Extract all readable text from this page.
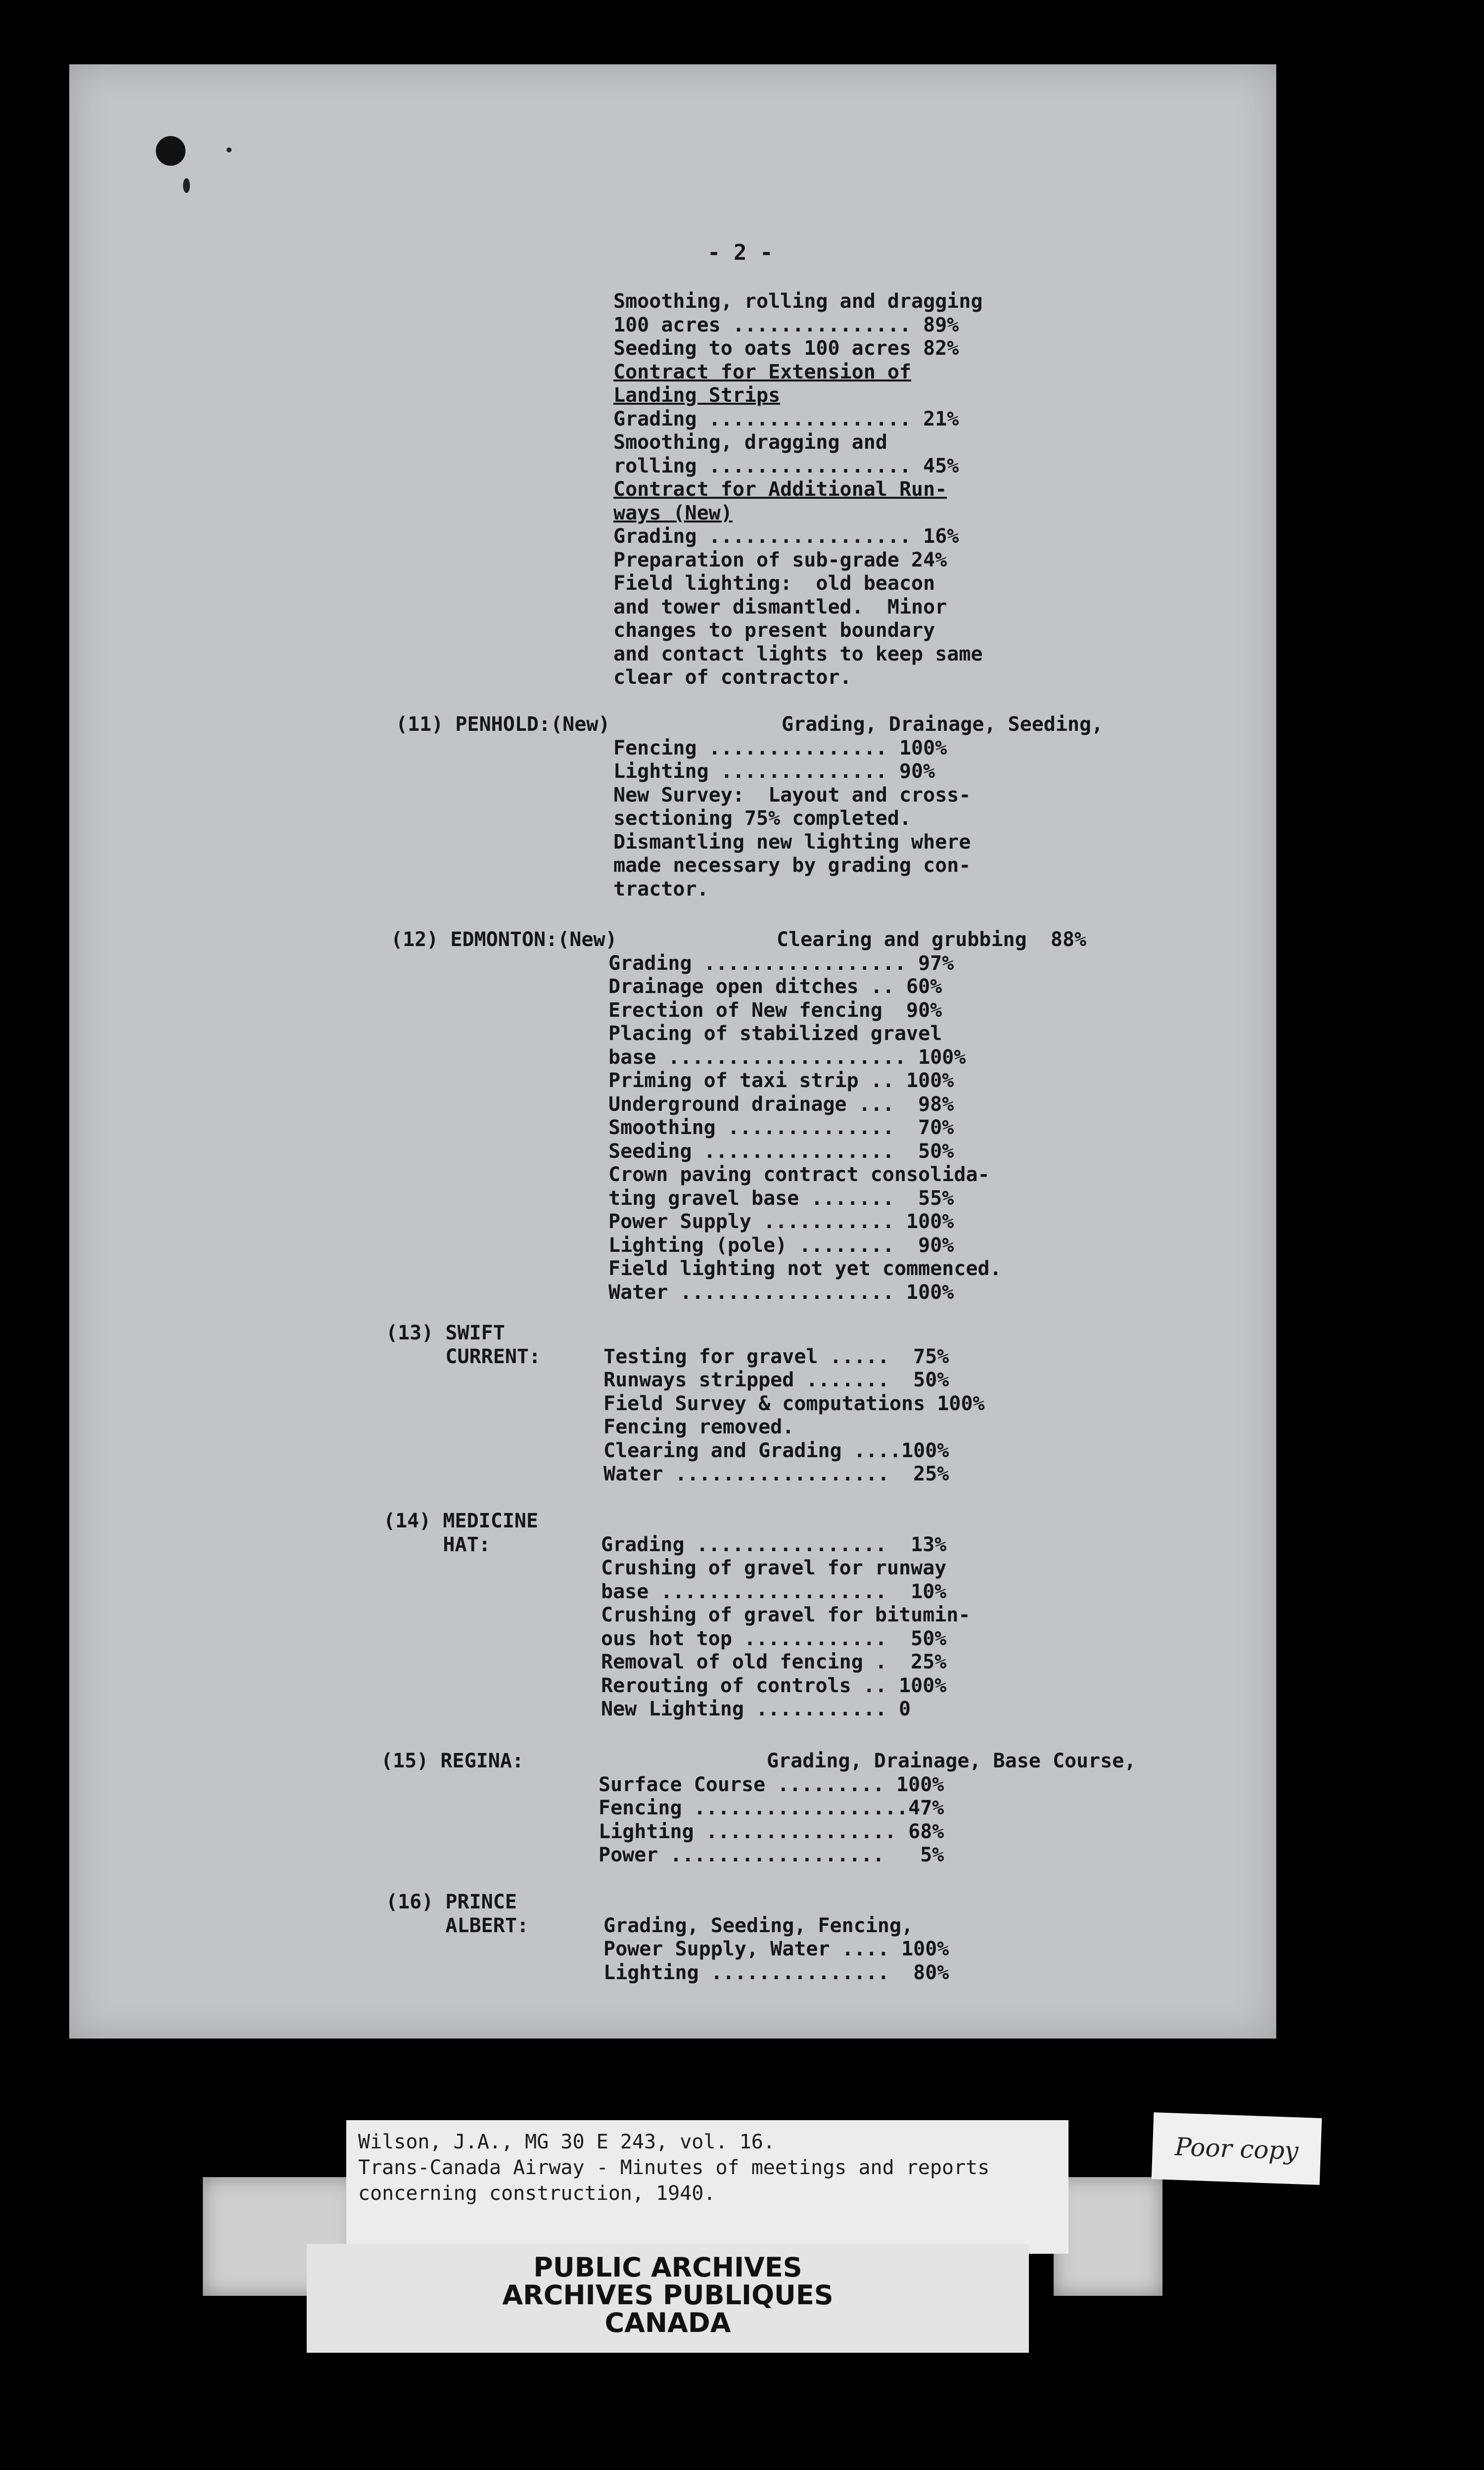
- 2 -
Smoothing, rolling and dragging
100 acres ............... 89%
Seeding to oats 100 acres 82%
Contract for Extension of
Landing Strips
Grading ................. 21%
Smoothing, dragging and
rolling ................. 45%
Contract for Additional Run-
ways (New)
Grading ................. 16%
Preparation of sub-grade 24%
Field lighting:  old beacon
and tower dismantled.  Minor
changes to present boundary
and contact lights to keep same
clear of contractor.
(11) PENHOLD:(New)	Grading, Drainage, Seeding,
Fencing ............... 100%
Lighting .............. 90%
New Survey:  Layout and cross-
sectioning 75% completed.
Dismantling new lighting where
made necessary by grading con-
tractor.
(12) EDMONTON:(New)	Clearing and grubbing  88%
Grading ................. 97%
Drainage open ditches .. 60%
Erection of New fencing  90%
Placing of stabilized gravel
base .................... 100%
Priming of taxi strip .. 100%
Underground drainage ...  98%
Smoothing ..............  70%
Seeding ................  50%
Crown paving contract consolida-
ting gravel base .......  55%
Power Supply ........... 100%
Lighting (pole) ........  90%
Field lighting not yet commenced.
Water .................. 100%
(13) SWIFT
CURRENT:	Testing for gravel .....  75%
Runways stripped .......  50%
Field Survey & computations 100%
Fencing removed.
Clearing and Grading ....100%
Water ..................  25%
(14) MEDICINE
HAT:	Grading ................  13%
Crushing of gravel for runway
base ...................  10%
Crushing of gravel for bitumin-
ous hot top ............  50%
Removal of old fencing .  25%
Rerouting of controls .. 100%
New Lighting ........... 0
(15) REGINA:	Grading, Drainage, Base Course,
Surface Course ......... 100%
Fencing ..................47%
Lighting ................ 68%
Power ..................   5%
(16) PRINCE
ALBERT:	Grading, Seeding, Fencing,
Power Supply, Water .... 100%
Lighting ...............  80%
Wilson, J.A., MG 30 E 243, vol. 16.
Trans-Canada Airway - Minutes of meetings and reports
concerning construction, 1940.
PUBLIC ARCHIVES
ARCHIVES PUBLIQUES
CANADA
Poor copy
